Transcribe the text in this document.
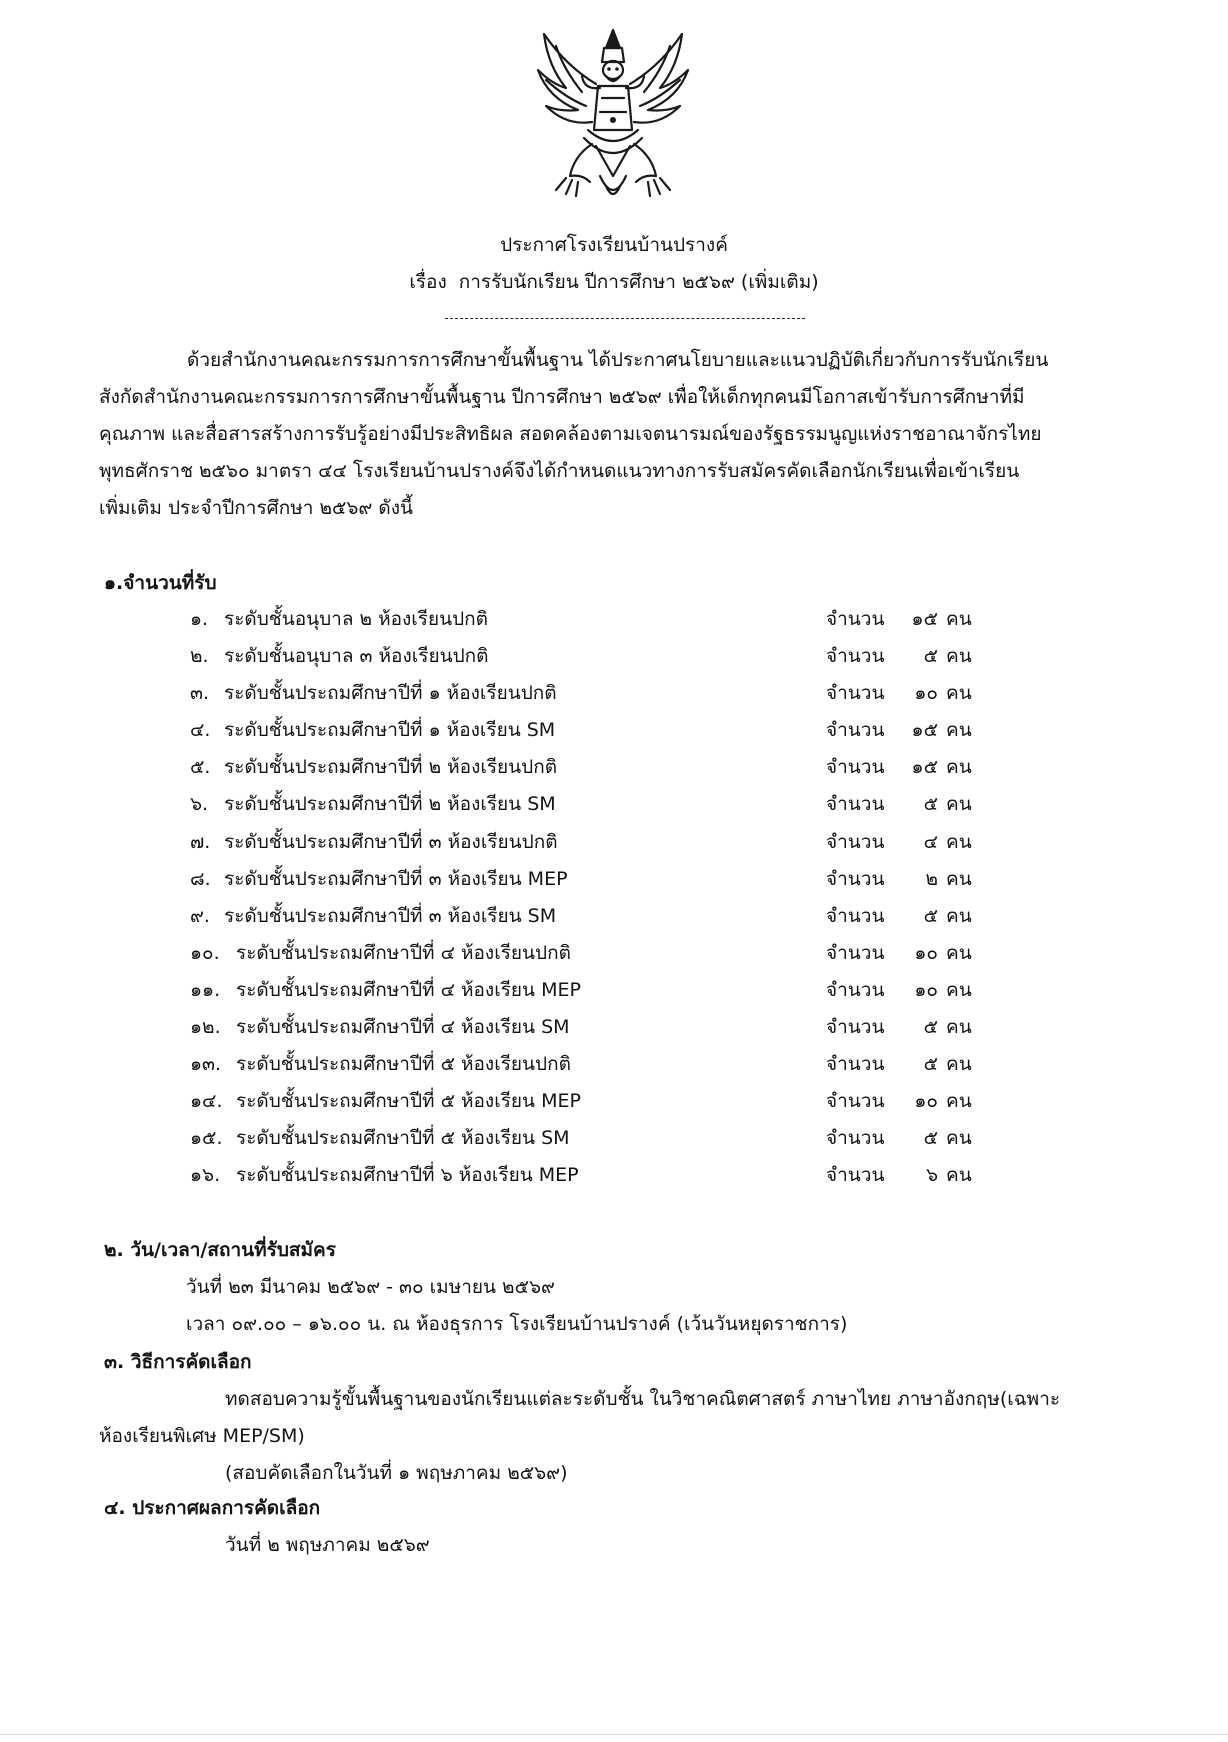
ประกาศโรงเรียนบ้านปรางค์
เรื่อง การรับนักเรียน ปีการศึกษา ๒๕๖๙ (เพิ่มเติม)
ด้วยสำนักงานคณะกรรมการการศึกษาขั้นพื้นฐาน ได้ประกาศนโยบายและแนวปฏิบัติเกี่ยวกับการรับนักเรียน
สังกัดสำนักงานคณะกรรมการการศึกษาขั้นพื้นฐาน ปีการศึกษา ๒๕๖๙ เพื่อให้เด็กทุกคนมีโอกาสเข้ารับการศึกษาที่มี
คุณภาพ และสื่อสารสร้างการรับรู้อย่างมีประสิทธิผล สอดคล้องตามเจตนารมณ์ของรัฐธรรมนูญแห่งราชอาณาจักรไทย
พุทธศักราช ๒๕๖๐ มาตรา ๔๔ โรงเรียนบ้านปรางค์จึงได้กำหนดแนวทางการรับสมัครคัดเลือกนักเรียนเพื่อเข้าเรียน
เพิ่มเติม ประจำปีการศึกษา ๒๕๖๙ ดังนี้
๑.จำนวนที่รับ
๑. ระดับชั้นอนุบาล ๒ ห้องเรียนปกติ	จำนวน	๑๕ คน
๒. ระดับชั้นอนุบาล ๓ ห้องเรียนปกติ	จำนวน	๕ คน
๓. ระดับชั้นประถมศึกษาปีที่ ๑ ห้องเรียนปกติ	จำนวน	๑๐ คน
๔. ระดับชั้นประถมศึกษาปีที่ ๑ ห้องเรียน SM	จำนวน	๑๕ คน
๕. ระดับชั้นประถมศึกษาปีที่ ๒ ห้องเรียนปกติ	จำนวน	๑๕ คน
๖. ระดับชั้นประถมศึกษาปีที่ ๒ ห้องเรียน SM	จำนวน	๕ คน
๗. ระดับชั้นประถมศึกษาปีที่ ๓ ห้องเรียนปกติ	จำนวน	๔ คน
๘. ระดับชั้นประถมศึกษาปีที่ ๓ ห้องเรียน MEP	จำนวน	๒ คน
๙. ระดับชั้นประถมศึกษาปีที่ ๓ ห้องเรียน SM	จำนวน	๕ คน
๑๐. ระดับชั้นประถมศึกษาปีที่ ๔ ห้องเรียนปกติ	จำนวน	๑๐ คน
๑๑. ระดับชั้นประถมศึกษาปีที่ ๔ ห้องเรียน MEP	จำนวน	๑๐ คน
๑๒. ระดับชั้นประถมศึกษาปีที่ ๔ ห้องเรียน SM	จำนวน	๕ คน
๑๓. ระดับชั้นประถมศึกษาปีที่ ๕ ห้องเรียนปกติ	จำนวน	๕ คน
๑๔. ระดับชั้นประถมศึกษาปีที่ ๕ ห้องเรียน MEP	จำนวน	๑๐ คน
๑๕. ระดับชั้นประถมศึกษาปีที่ ๕ ห้องเรียน SM	จำนวน	๕ คน
๑๖. ระดับชั้นประถมศึกษาปีที่ ๖ ห้องเรียน MEP	จำนวน	๖ คน
๒. วัน/เวลา/สถานที่รับสมัคร
วันที่ ๒๓ มีนาคม ๒๕๖๙ - ๓๐ เมษายน ๒๕๖๙
เวลา ๐๙.๐๐ – ๑๖.๐๐ น. ณ ห้องธุรการ โรงเรียนบ้านปรางค์ (เว้นวันหยุดราชการ)
๓. วิธีการคัดเลือก
ทดสอบความรู้ขั้นพื้นฐานของนักเรียนแต่ละระดับชั้น ในวิชาคณิตศาสตร์ ภาษาไทย ภาษาอังกฤษ(เฉพาะ
ห้องเรียนพิเศษ MEP/SM)
(สอบคัดเลือกในวันที่ ๑ พฤษภาคม ๒๕๖๙)
๔. ประกาศผลการคัดเลือก
วันที่ ๒ พฤษภาคม ๒๕๖๙
